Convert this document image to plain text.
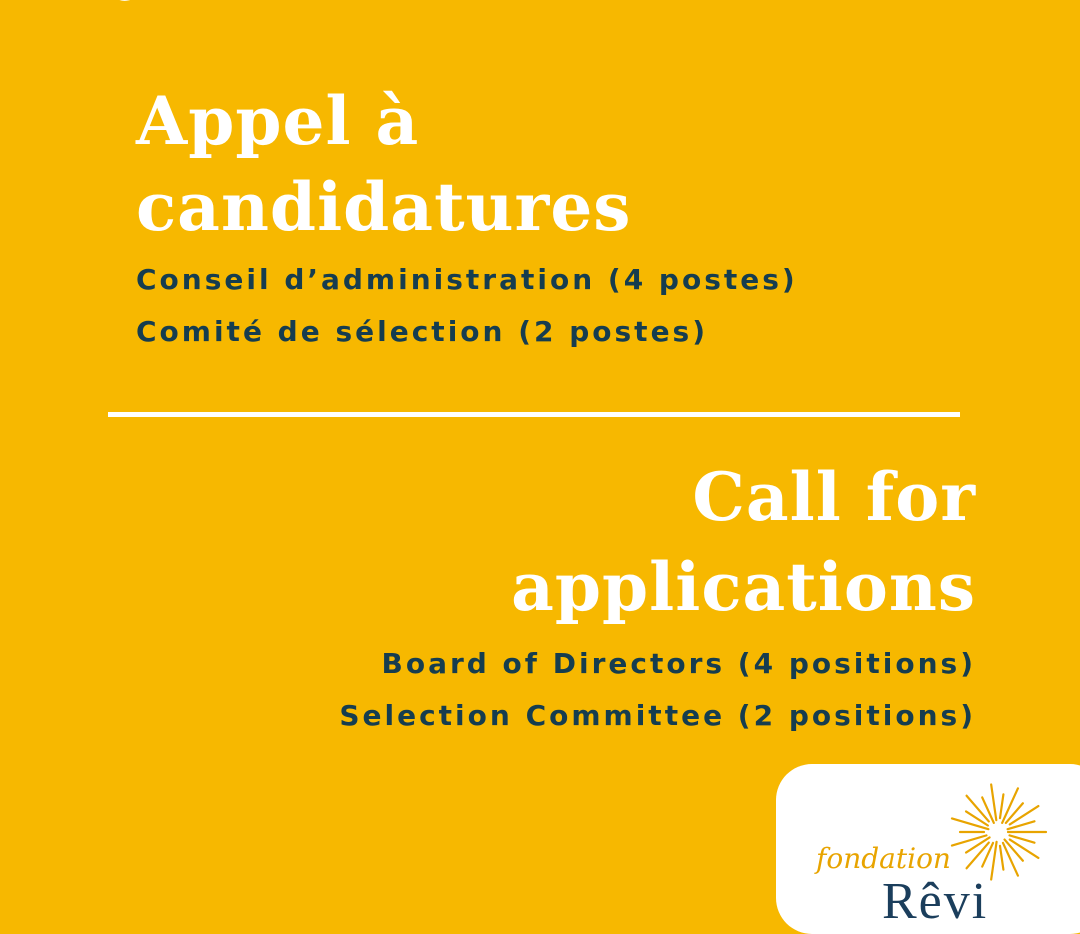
Appel à
candidatures
Conseil d’administration (4 postes)
Comité de sélection (2 postes)
Call for
applications
Board of Directors (4 positions)
Selection Committee (2 positions)
fondation
Rêvi
